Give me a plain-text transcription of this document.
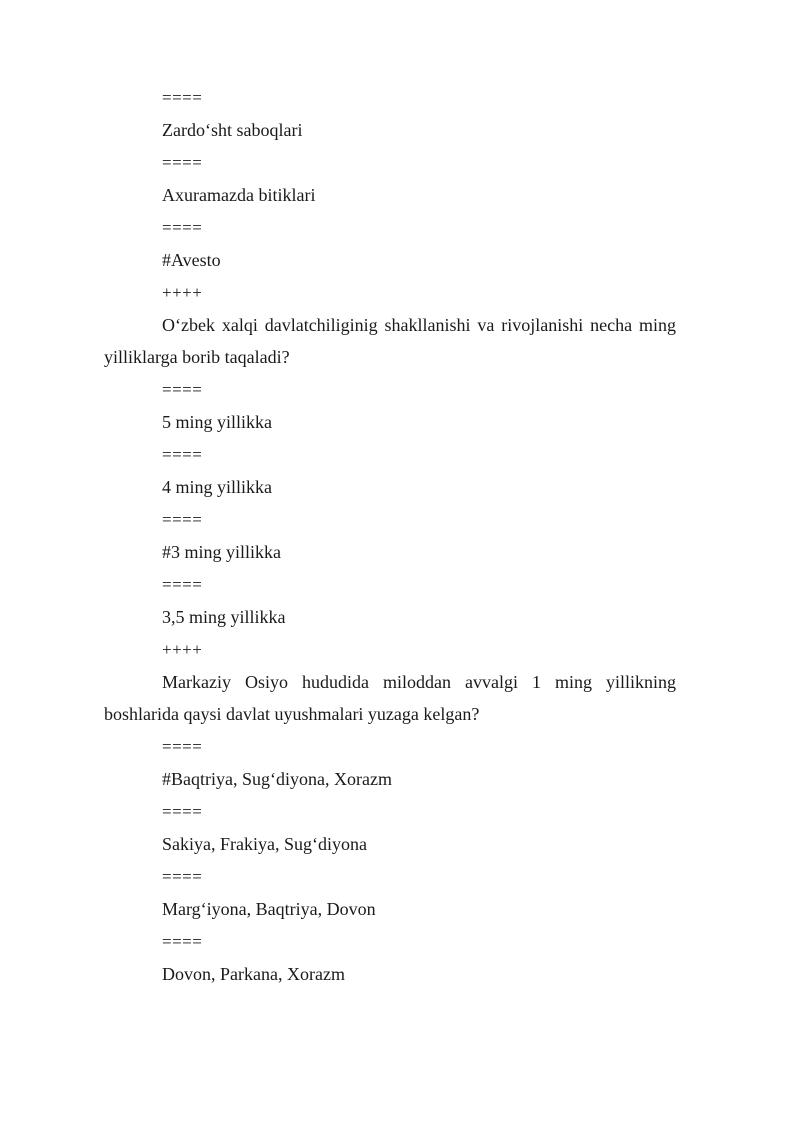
====
Zardo‘sht saboqlari
====
Axuramazda bitiklari
====
#Avesto
++++
O‘zbek xalqi davlatchiliginig shakllanishi va rivojlanishi necha ming yilliklarga borib taqaladi?
====
5 ming yillikka
====
4 ming yillikka
====
#3 ming yillikka
====
3,5 ming yillikka
++++
Markaziy Osiyo hududida miloddan avvalgi 1 ming yillikning boshlarida qaysi davlat uyushmalari yuzaga kelgan?
====
#Baqtriya, Sug‘diyona, Xorazm
====
Sakiya, Frakiya, Sug‘diyona
====
Marg‘iyona, Baqtriya, Dovon
====
Dovon, Parkana, Xorazm
